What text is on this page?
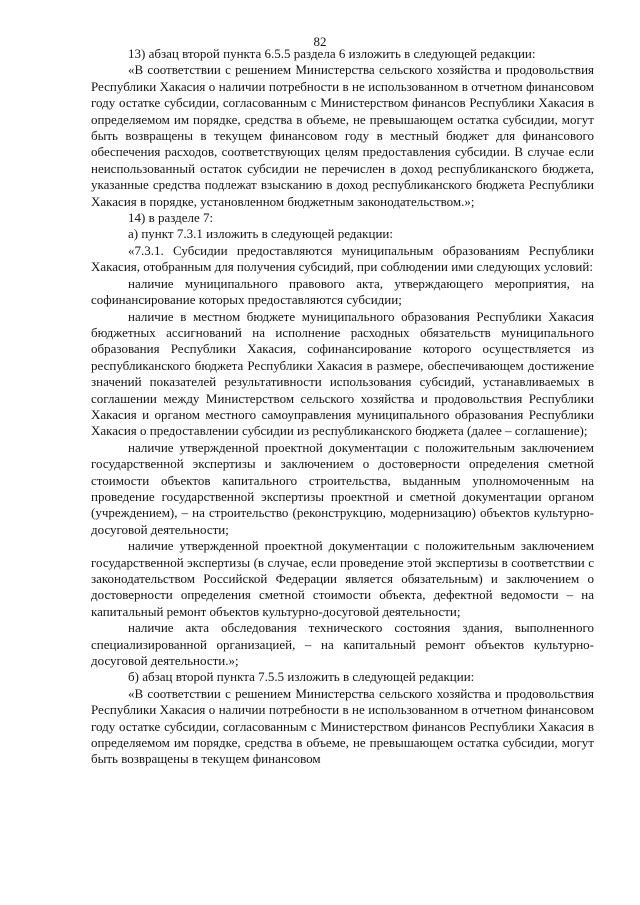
82

13) абзац второй пункта 6.5.5 раздела 6 изложить в следующей редакции:

«В соответствии с решением Министерства сельского хозяйства и продовольствия Республики Хакасия о наличии потребности в не использованном в отчетном финансовом году остатке субсидии, согласованным с Министерством финансов Республики Хакасия в определяемом им порядке, средства в объеме, не превышающем остатка субсидии, могут быть возвращены в текущем финансовом году в местный бюджет для финансового обеспечения расходов, соответствующих целям предоставления субсидии. В случае если неиспользованный остаток субсидии не перечислен в доход республиканского бюджета, указанные средства подлежат взысканию в доход республиканского бюджета Республики Хакасия в порядке, установленном бюджетным законодательством.»;

14) в разделе 7:

а) пункт 7.3.1 изложить в следующей редакции:

«7.3.1. Субсидии предоставляются муниципальным образованиям Республики Хакасия, отобранным для получения субсидий, при соблюдении ими следующих условий:

наличие муниципального правового акта, утверждающего мероприятия, на софинансирование которых предоставляются субсидии;

наличие в местном бюджете муниципального образования Республики Хакасия бюджетных ассигнований на исполнение расходных обязательств муниципального образования Республики Хакасия, софинансирование которого осуществляется из республиканского бюджета Республики Хакасия в размере, обеспечивающем достижение значений показателей результативности использования субсидий, устанавливаемых в соглашении между Министерством сельского хозяйства и продовольствия Республики Хакасия и органом местного самоуправления муниципального образования Республики Хакасия о предоставлении субсидии из республиканского бюджета (далее – соглашение);

наличие утвержденной проектной документации с положительным заключением государственной экспертизы и заключением о достоверности определения сметной стоимости объектов капитального строительства, выданным уполномоченным на проведение государственной экспертизы проектной и сметной документации органом (учреждением), – на строительство (реконструкцию, модернизацию) объектов культурно-досуговой деятельности;

наличие утвержденной проектной документации с положительным заключением государственной экспертизы (в случае, если проведение этой экспертизы в соответствии с законодательством Российской Федерации является обязательным) и заключением о достоверности определения сметной стоимости объекта, дефектной ведомости – на капитальный ремонт объектов культурно-досуговой деятельности;

наличие акта обследования технического состояния здания, выполненного специализированной организацией, – на капитальный ремонт объектов культурно-досуговой деятельности.»;

б) абзац второй пункта 7.5.5 изложить в следующей редакции:

«В соответствии с решением Министерства сельского хозяйства и продовольствия Республики Хакасия о наличии потребности в не использованном в отчетном финансовом году остатке субсидии, согласованным с Министерством финансов Республики Хакасия в определяемом им порядке, средства в объеме, не превышающем остатка субсидии, могут быть возвращены в текущем финансовом
